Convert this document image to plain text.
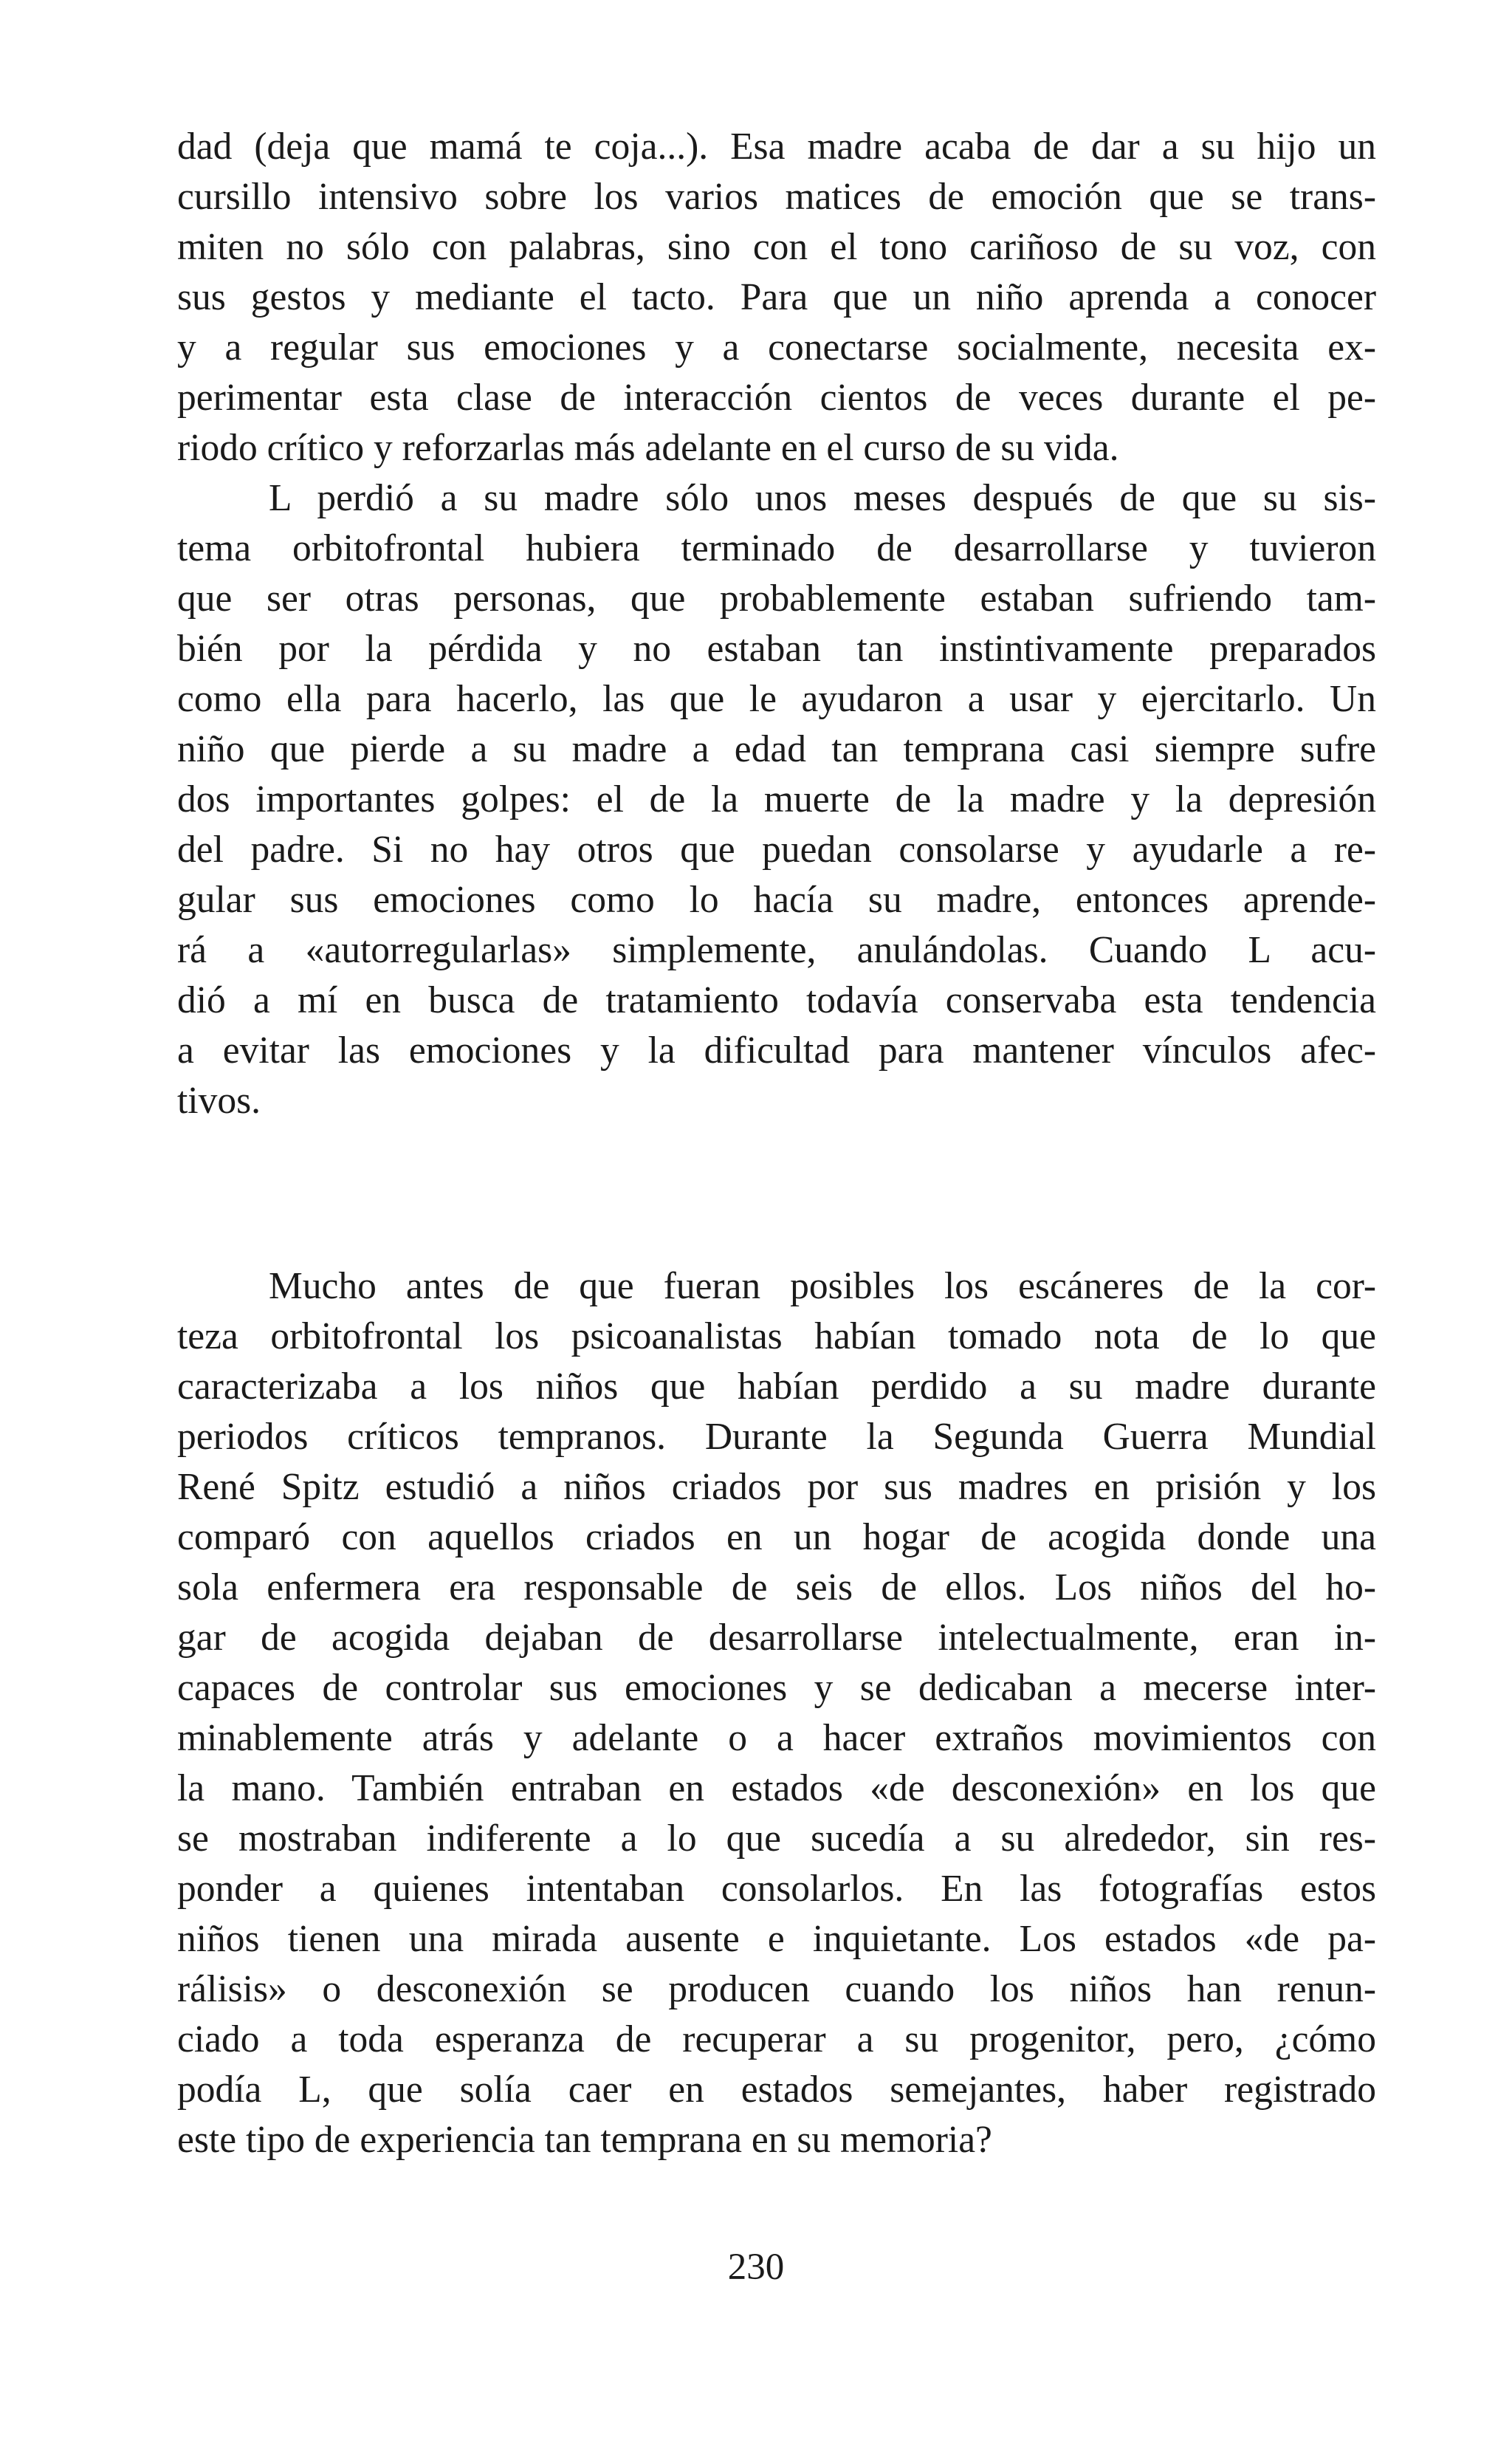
dad (deja que mamá te coja...). Esa madre acaba de dar a su hijo un
cursillo intensivo sobre los varios matices de emoción que se trans-
miten no sólo con palabras, sino con el tono cariñoso de su voz, con
sus gestos y mediante el tacto. Para que un niño aprenda a conocer
y a regular sus emociones y a conectarse socialmente, necesita ex-
perimentar esta clase de interacción cientos de veces durante el pe-
riodo crítico y reforzarlas más adelante en el curso de su vida.

L perdió a su madre sólo unos meses después de que su sis-
tema orbitofrontal hubiera terminado de desarrollarse y tuvieron
que ser otras personas, que probablemente estaban sufriendo tam-
bién por la pérdida y no estaban tan instintivamente preparados
como ella para hacerlo, las que le ayudaron a usar y ejercitarlo. Un
niño que pierde a su madre a edad tan temprana casi siempre sufre
dos importantes golpes: el de la muerte de la madre y la depresión
del padre. Si no hay otros que puedan consolarse y ayudarle a re-
gular sus emociones como lo hacía su madre, entonces aprende-
rá a «autorregularlas» simplemente, anulándolas. Cuando L acu-
dió a mí en busca de tratamiento todavía conservaba esta tendencia
a evitar las emociones y la dificultad para mantener vínculos afec-
tivos.

Mucho antes de que fueran posibles los escáneres de la cor-
teza orbitofrontal los psicoanalistas habían tomado nota de lo que
caracterizaba a los niños que habían perdido a su madre durante
periodos críticos tempranos. Durante la Segunda Guerra Mundial
René Spitz estudió a niños criados por sus madres en prisión y los
comparó con aquellos criados en un hogar de acogida donde una
sola enfermera era responsable de seis de ellos. Los niños del ho-
gar de acogida dejaban de desarrollarse intelectualmente, eran in-
capaces de controlar sus emociones y se dedicaban a mecerse inter-
minablemente atrás y adelante o a hacer extraños movimientos con
la mano. También entraban en estados «de desconexión» en los que
se mostraban indiferente a lo que sucedía a su alrededor, sin res-
ponder a quienes intentaban consolarlos. En las fotografías estos
niños tienen una mirada ausente e inquietante. Los estados «de pa-
rálisis» o desconexión se producen cuando los niños han renun-
ciado a toda esperanza de recuperar a su progenitor, pero, ¿cómo
podía L, que solía caer en estados semejantes, haber registrado
este tipo de experiencia tan temprana en su memoria?

230
